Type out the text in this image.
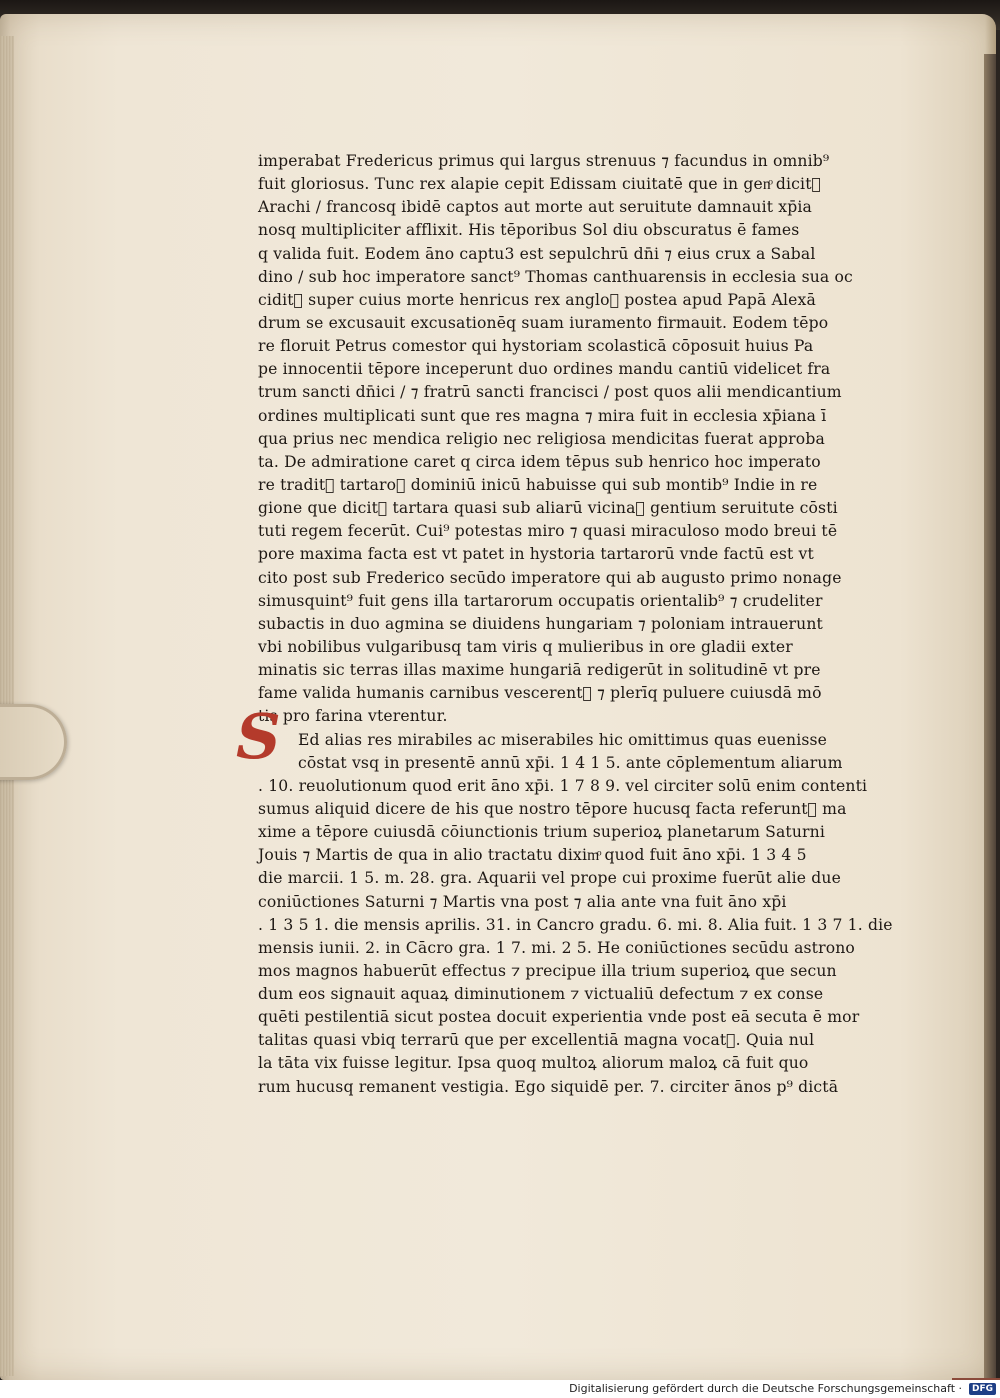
S
imperabat Fredericus primus qui largus strenuus ⁊ facundus in omnib⁹
fuit gloriosus. Tunc rex alapie cepit Edissam ciuitatē que in genͦ dicit᷑
Arachi / francosq ibidē captos aut morte aut seruitute damnauit xp̄ia
nosq multipliciter afflixit. His tēporibus Sol diu obscuratus ē fames
q valida fuit. Eodem āno captu3 est sepulchrū dn̄i ⁊ eius crux a Sabal
dino / sub hoc imperatore sanct⁹ Thomas canthuarensis in ecclesia sua oc
cidit᷑ super cuius morte henricus rex angloꝝ postea apud Papā Alexā
drum se excusauit excusationēq suam iuramento firmauit. Eodem tēpo
re floruit Petrus comestor qui hystoriam scolasticā cōposuit huius Pa
pe innocentii tēpore inceperunt duo ordines mandu cantiū videlicet fra
trum sancti dn̄ici / ⁊ fratrū sancti francisci / post quos alii mendicantium
ordines multiplicati sunt que res magna ⁊ mira fuit in ecclesia xp̄iana ī
qua prius nec mendica religio nec religiosa mendicitas fuerat approba
ta. De admiratione caret q circa idem tēpus sub henrico hoc imperato
re tradit᷑ tartaroꝝ dominiū inicū habuisse qui sub montib⁹ Indie in re
gione que dicit᷑ tartara quasi sub aliarū vicinaꝝ gentium seruitute cōsti
tuti regem fecerūt. Cui⁹ potestas miro ⁊ quasi miraculoso modo breui tē
pore maxima facta est vt patet in hystoria tartarorū vnde factū est vt
cito post sub Frederico secūdo imperatore qui ab augusto primo nonage
simusquint⁹ fuit gens illa tartarorum occupatis orientalib⁹ ⁊ crudeliter
subactis in duo agmina se diuidens hungariam ⁊ poloniam intrauerunt
vbi nobilibus vulgaribusq tam viris q mulieribus in ore gladii exter
minatis sic terras illas maxime hungariā redigerūt in solitudinē vt pre
fame valida humanis carnibus vescerent᷑ ⁊ plerīq puluere cuiusdā mō
tis pro farina vterentur.
Ed alias res mirabiles ac miserabiles hic omittimus quas euenisse
cōstat vsq in presentē annū xp̄i. 1 4 1 5. ante cōplementum aliarum
. 10. reuolutionum quod erit āno xp̄i. 1 7 8 9. vel circiter solū enim contenti
sumus aliquid dicere de his que nostro tēpore hucusq facta referunt᷑ ma
xime a tēpore cuiusdā cōiunctionis trium superioꝝ planetarum Saturni
Jouis ⁊ Martis de qua in alio tractatu diximͦ quod fuit āno xp̄i. 1 3 4 5
die marcii. 1 5. m. 28. gra. Aquarii vel prope cui proxime fuerūt alie due
coniūctiones Saturni ⁊ Martis vna post ⁊ alia ante vna fuit āno xp̄i
. 1 3 5 1. die mensis aprilis. 31. in Cancro gradu. 6. mi. 8. Alia fuit. 1 3 7 1. die
mensis iunii. 2. in Cācro gra. 1 7. mi. 2 5. He coniūctiones secūdu astrono
mos magnos habuerūt effectus ⁊ precipue illa trium superioꝝ que secun
dum eos signauit aquaꝝ diminutionem ⁊ victualiū defectum ⁊ ex conse
quēti pestilentiā sicut postea docuit experientia vnde post eā secuta ē mor
talitas quasi vbiq terrarū que per excellentiā magna vocat᷑. Quia nul
la tāta vix fuisse legitur. Ipsa quoq multoꝝ aliorum maloꝝ cā fuit quo
rum hucusq remanent vestigia. Ego siquidē per. 7. circiter ānos p⁹ dictā
Digitalisierung gefördert durch die Deutsche Forschungsgemeinschaft ·	DFG
